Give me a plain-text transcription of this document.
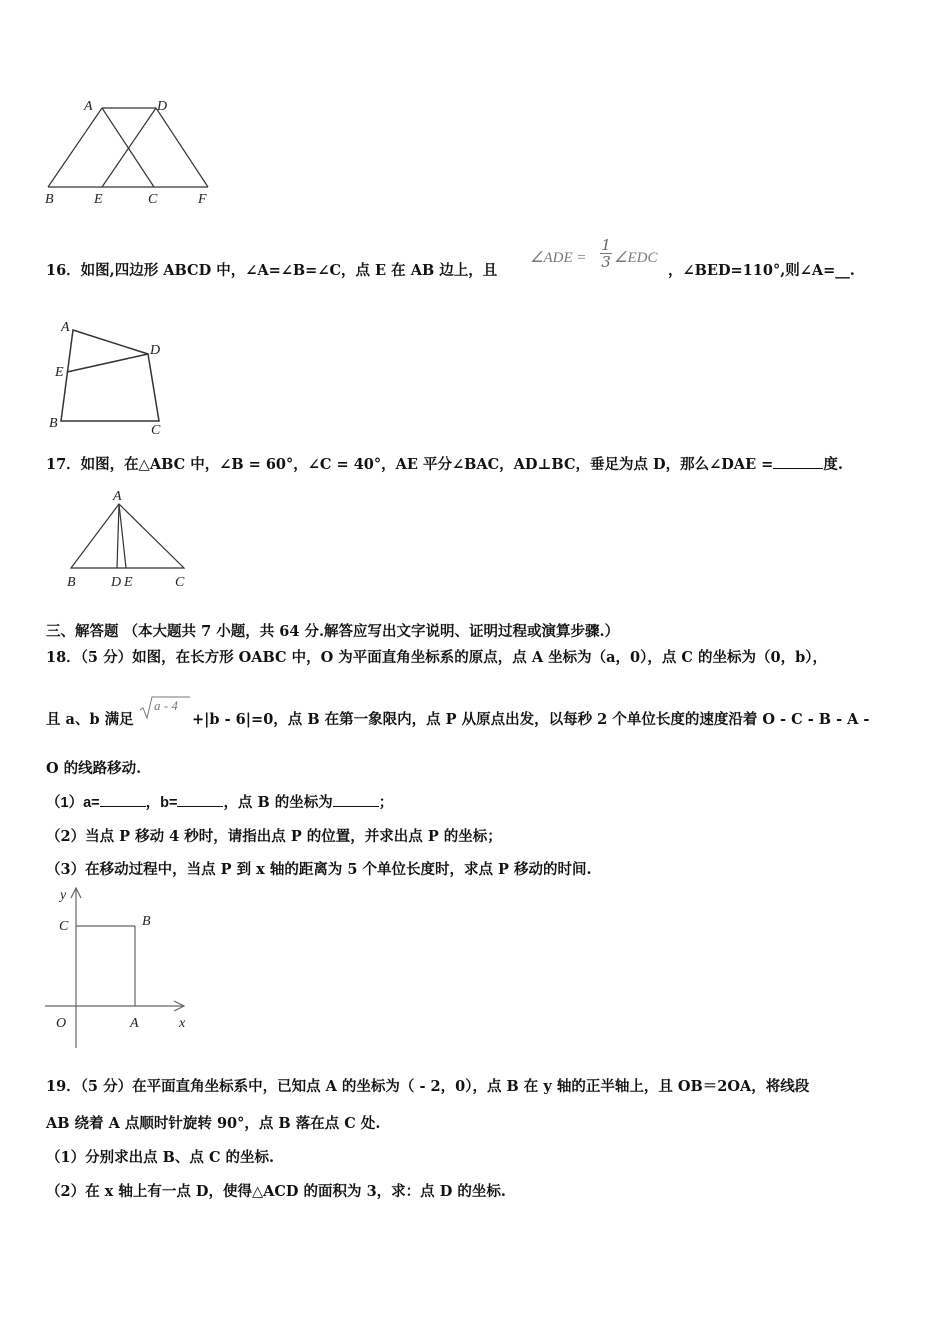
A	D
B	E	C	F
16．如图,四边形 ABCD 中，∠A=∠B=∠C，点 E 在 AB 边上，且
∠ADE =
1
3 ∠EDC
，∠BED=110°,则∠A=__.
A
D
E
B	C
17．如图，在△ABC 中，∠B = 60°，∠C = 40°，AE 平分∠BAC，AD⊥BC，垂足为点 D，那么∠DAE =	度.
A
B	D E	C
三、解答题 （本大题共 7 小题，共 64 分.解答应写出文字说明、证明过程或演算步骤.）
18．（5 分）如图，在长方形 OABC 中，O 为平面直角坐标系的原点，点 A 坐标为（a，0），点 C 的坐标为（0，b），
且 a、b 满足
a - 4
+|b - 6|=0，点 B 在第一象限内，点 P 从原点出发，以每秒 2 个单位长度的速度沿着 O - C - B - A -
O 的线路移动.
（1）a=	，b=	，点 B 的坐标为	；
（2）当点 P 移动 4 秒时，请指出点 P 的位置，并求出点 P 的坐标；
（3）在移动过程中，当点 P 到 x 轴的距离为 5 个单位长度时，求点 P 移动的时间.
y
C	B
O	A	x
19．（5 分）在平面直角坐标系中，已知点 A 的坐标为（ - 2，0），点 B 在 y 轴的正半轴上，且 OB＝2OA，将线段
AB 绕着 A 点顺时针旋转 90°，点 B 落在点 C 处.
（1）分别求出点 B、点 C 的坐标.
（2）在 x 轴上有一点 D，使得△ACD 的面积为 3，求：点 D 的坐标.
